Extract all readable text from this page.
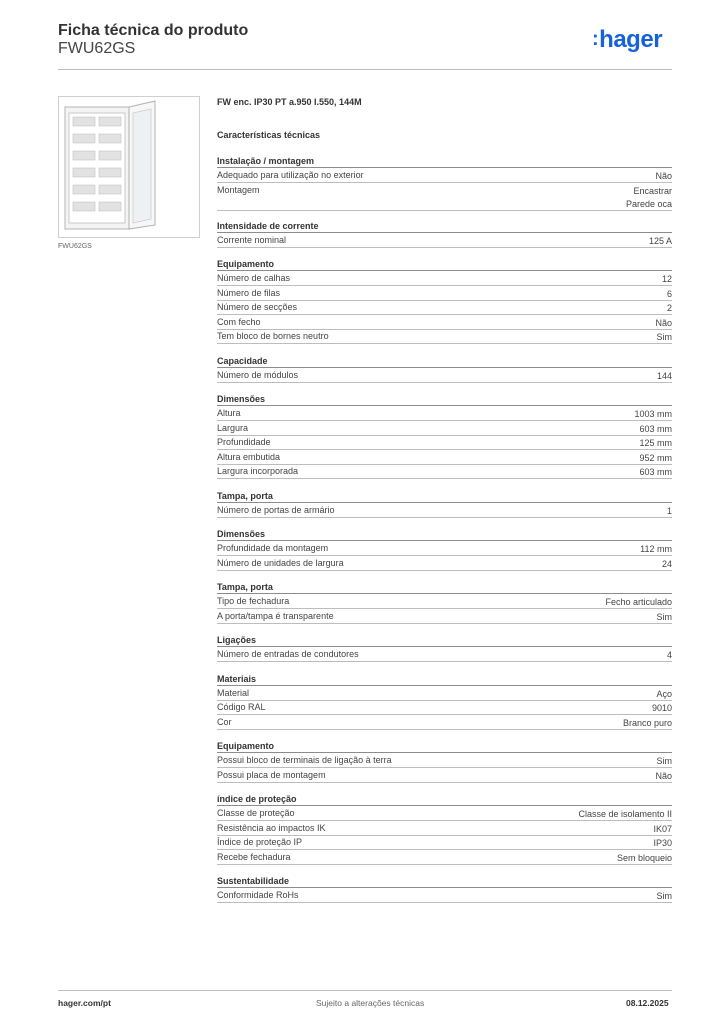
Ficha técnica do produto
FWU62GS	:hager
FWU62GS
FW enc. IP30 PT a.950 l.550, 144M
Características técnicas
Instalação / montagem
Adequado para utilização no exterior	Não
Montagem	Encastrar
Parede oca
Intensidade de corrente
Corrente nominal	125 A
Equipamento
Número de calhas	12
Número de filas	6
Número de secções	2
Com fecho	Não
Tem bloco de bornes neutro	Sim
Capacidade
Número de módulos	144
Dimensões
Altura	1003 mm
Largura	603 mm
Profundidade	125 mm
Altura embutida	952 mm
Largura incorporada	603 mm
Tampa, porta
Número de portas de armário	1
Dimensões
Profundidade da montagem	112 mm
Número de unidades de largura	24
Tampa, porta
Tipo de fechadura	Fecho articulado
A porta/tampa é transparente	Sim
Ligações
Número de entradas de condutores	4
Materiais
Material	Aço
Código RAL	9010
Cor	Branco puro
Equipamento
Possui bloco de terminais de ligação à terra	Sim
Possui placa de montagem	Não
índice de proteção
Classe de proteção	Classe de isolamento II
Resistência ao impactos IK	IK07
Índice de proteção IP	IP30
Recebe fechadura	Sem bloqueio
Sustentabilidade
Conformidade RoHs	Sim
hager.com/pt	Sujeito a alterações técnicas	08.12.2025
